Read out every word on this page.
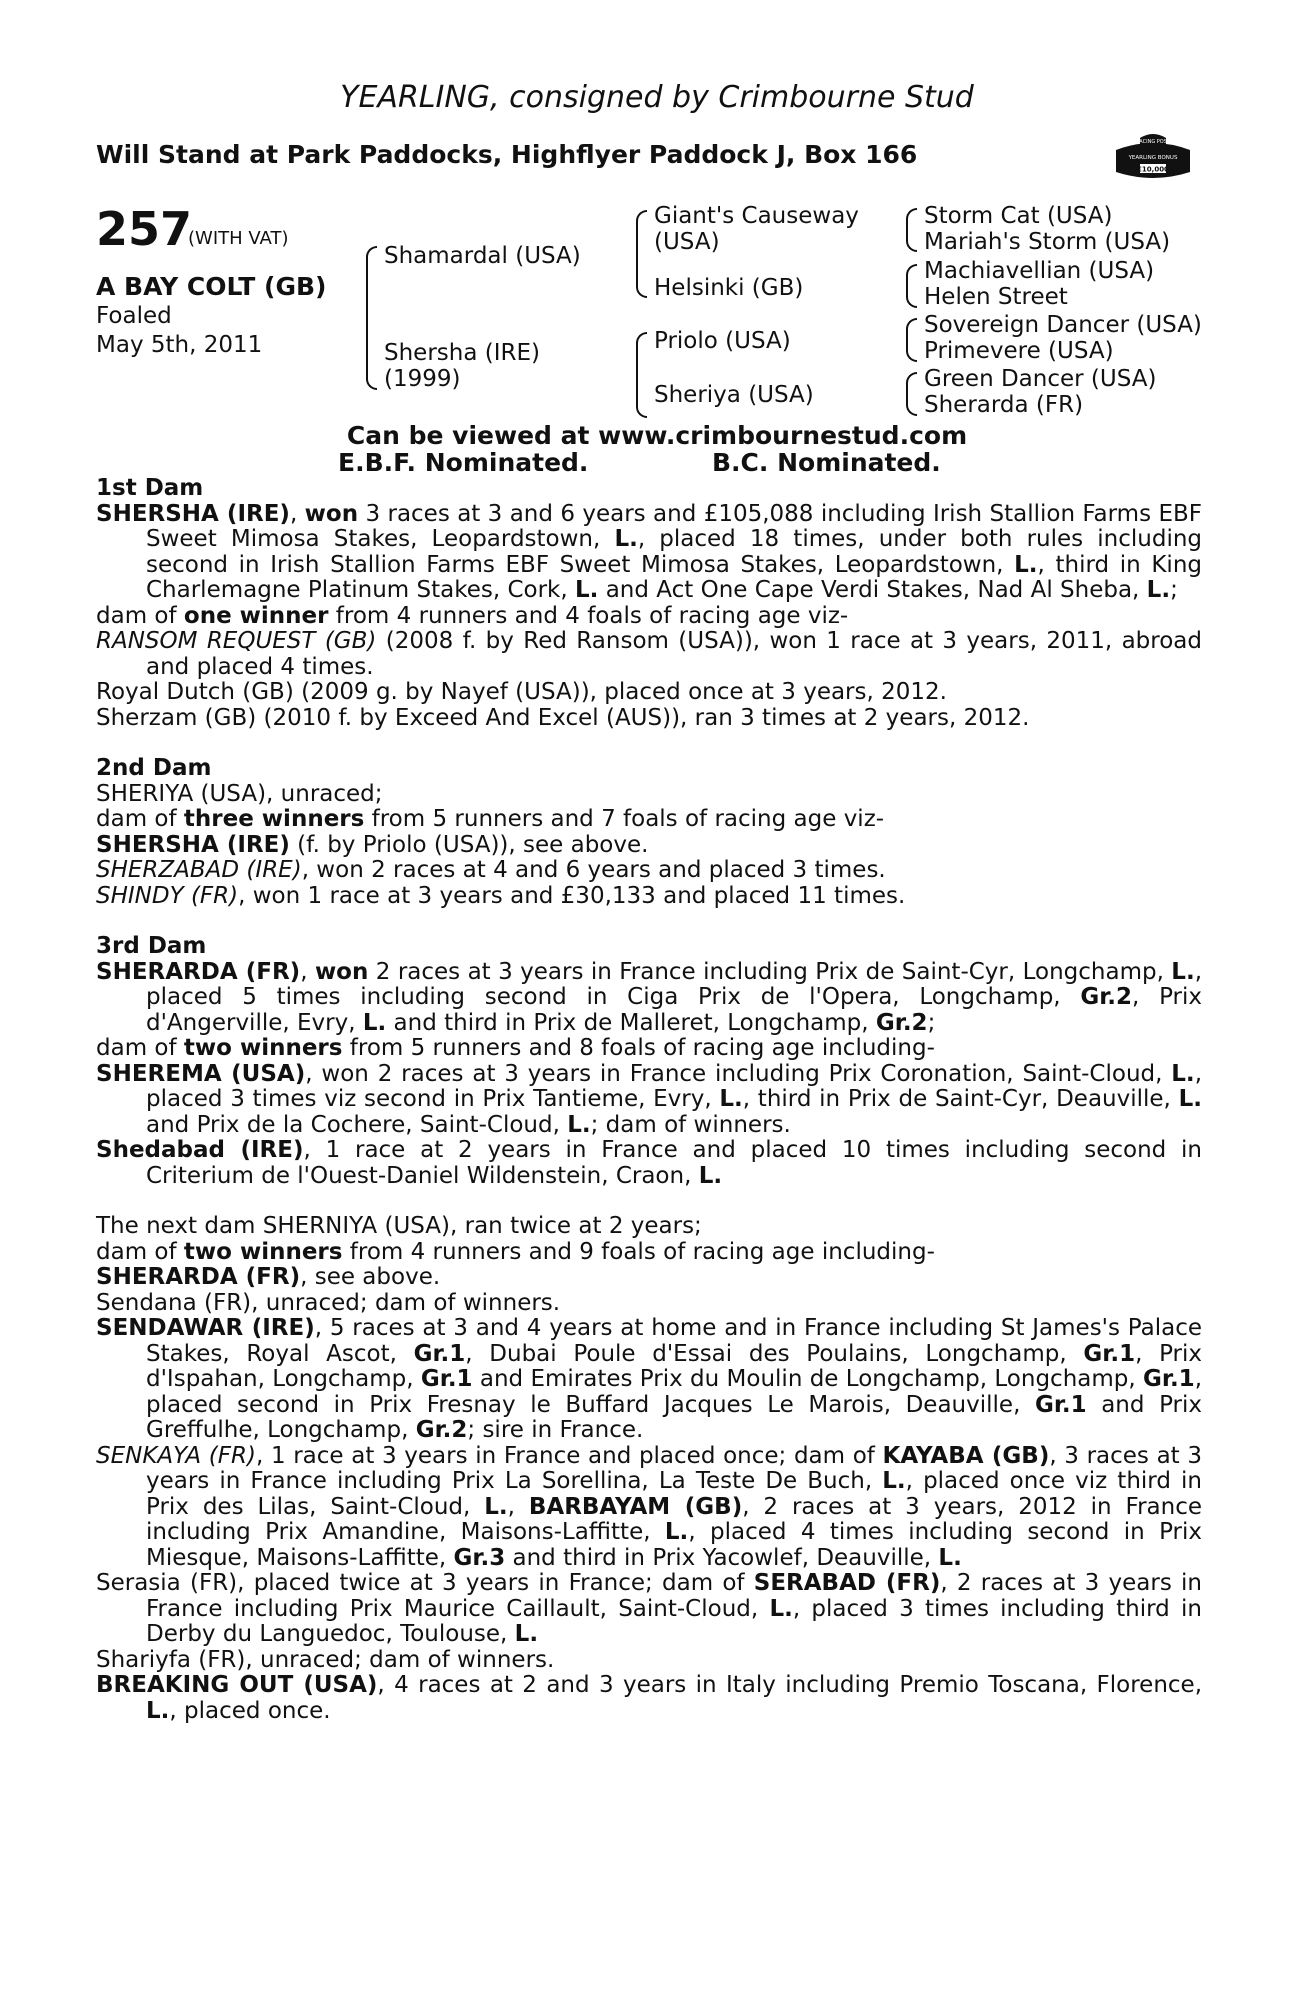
YEARLING, consigned by Crimbourne Stud
Will Stand at Park Paddocks, Highflyer Paddock J, Box 166	RACING POST
YEARLING BONUS
£10,000
257
(WITH VAT)
A BAY COLT (GB)
Foaled
May 5th, 2011
Shamardal (USA)
Shersha (IRE)
(1999)
Giant's Causeway
(USA)
Helsinki (GB)
Priolo (USA)
Sheriya (USA)
Storm Cat (USA)
Mariah's Storm (USA)
Machiavellian (USA)
Helen Street
Sovereign Dancer (USA)
Primevere (USA)
Green Dancer (USA)
Sherarda (FR)
Can be viewed at www.crimbournestud.com
E.B.F. Nominated.	B.C. Nominated.

1st Dam

SHERSHA (IRE), won 3 races at 3 and 6 years and £105,088 including Irish Stallion Farms EBF Sweet Mimosa Stakes, Leopardstown, L., placed 18 times, under both rules including second in Irish Stallion Farms EBF Sweet Mimosa Stakes, Leopardstown, L., third in King Charlemagne Platinum Stakes, Cork, L. and Act One Cape Verdi Stakes, Nad Al Sheba, L.;

dam of one winner from 4 runners and 4 foals of racing age viz-

RANSOM REQUEST (GB) (2008 f. by Red Ransom (USA)), won 1 race at 3 years, 2011, abroad and placed 4 times.

Royal Dutch (GB) (2009 g. by Nayef (USA)), placed once at 3 years, 2012.

Sherzam (GB) (2010 f. by Exceed And Excel (AUS)), ran 3 times at 2 years, 2012.

2nd Dam

SHERIYA (USA), unraced;

dam of three winners from 5 runners and 7 foals of racing age viz-

SHERSHA (IRE) (f. by Priolo (USA)), see above.

SHERZABAD (IRE), won 2 races at 4 and 6 years and placed 3 times.

SHINDY (FR), won 1 race at 3 years and £30,133 and placed 11 times.

3rd Dam

SHERARDA (FR), won 2 races at 3 years in France including Prix de Saint-Cyr, Longchamp, L., placed 5 times including second in Ciga Prix de l'Opera, Longchamp, Gr.2, Prix d'Angerville, Evry, L. and third in Prix de Malleret, Longchamp, Gr.2;

dam of two winners from 5 runners and 8 foals of racing age including-

SHEREMA (USA), won 2 races at 3 years in France including Prix Coronation, Saint-Cloud, L., placed 3 times viz second in Prix Tantieme, Evry, L., third in Prix de Saint-Cyr, Deauville, L. and Prix de la Cochere, Saint-Cloud, L.; dam of winners.

Shedabad (IRE), 1 race at 2 years in France and placed 10 times including second in Criterium de l'Ouest-Daniel Wildenstein, Craon, L.

The next dam SHERNIYA (USA), ran twice at 2 years;

dam of two winners from 4 runners and 9 foals of racing age including-

SHERARDA (FR), see above.

Sendana (FR), unraced; dam of winners.

SENDAWAR (IRE), 5 races at 3 and 4 years at home and in France including St James's Palace Stakes, Royal Ascot, Gr.1, Dubai Poule d'Essai des Poulains, Longchamp, Gr.1, Prix d'Ispahan, Longchamp, Gr.1 and Emirates Prix du Moulin de Longchamp, Longchamp, Gr.1, placed second in Prix Fresnay le Buffard Jacques Le Marois, Deauville, Gr.1 and Prix Greffulhe, Longchamp, Gr.2; sire in France.

SENKAYA (FR), 1 race at 3 years in France and placed once; dam of KAYABA (GB), 3 races at 3 years in France including Prix La Sorellina, La Teste De Buch, L., placed once viz third in Prix des Lilas, Saint-Cloud, L., BARBAYAM (GB), 2 races at 3 years, 2012 in France including Prix Amandine, Maisons-Laffitte, L., placed 4 times including second in Prix Miesque, Maisons-Laffitte, Gr.3 and third in Prix Yacowlef, Deauville, L.

Serasia (FR), placed twice at 3 years in France; dam of SERABAD (FR), 2 races at 3 years in France including Prix Maurice Caillault, Saint-Cloud, L., placed 3 times including third in Derby du Languedoc, Toulouse, L.

Shariyfa (FR), unraced; dam of winners.

BREAKING OUT (USA), 4 races at 2 and 3 years in Italy including Premio Toscana, Florence, L., placed once.
